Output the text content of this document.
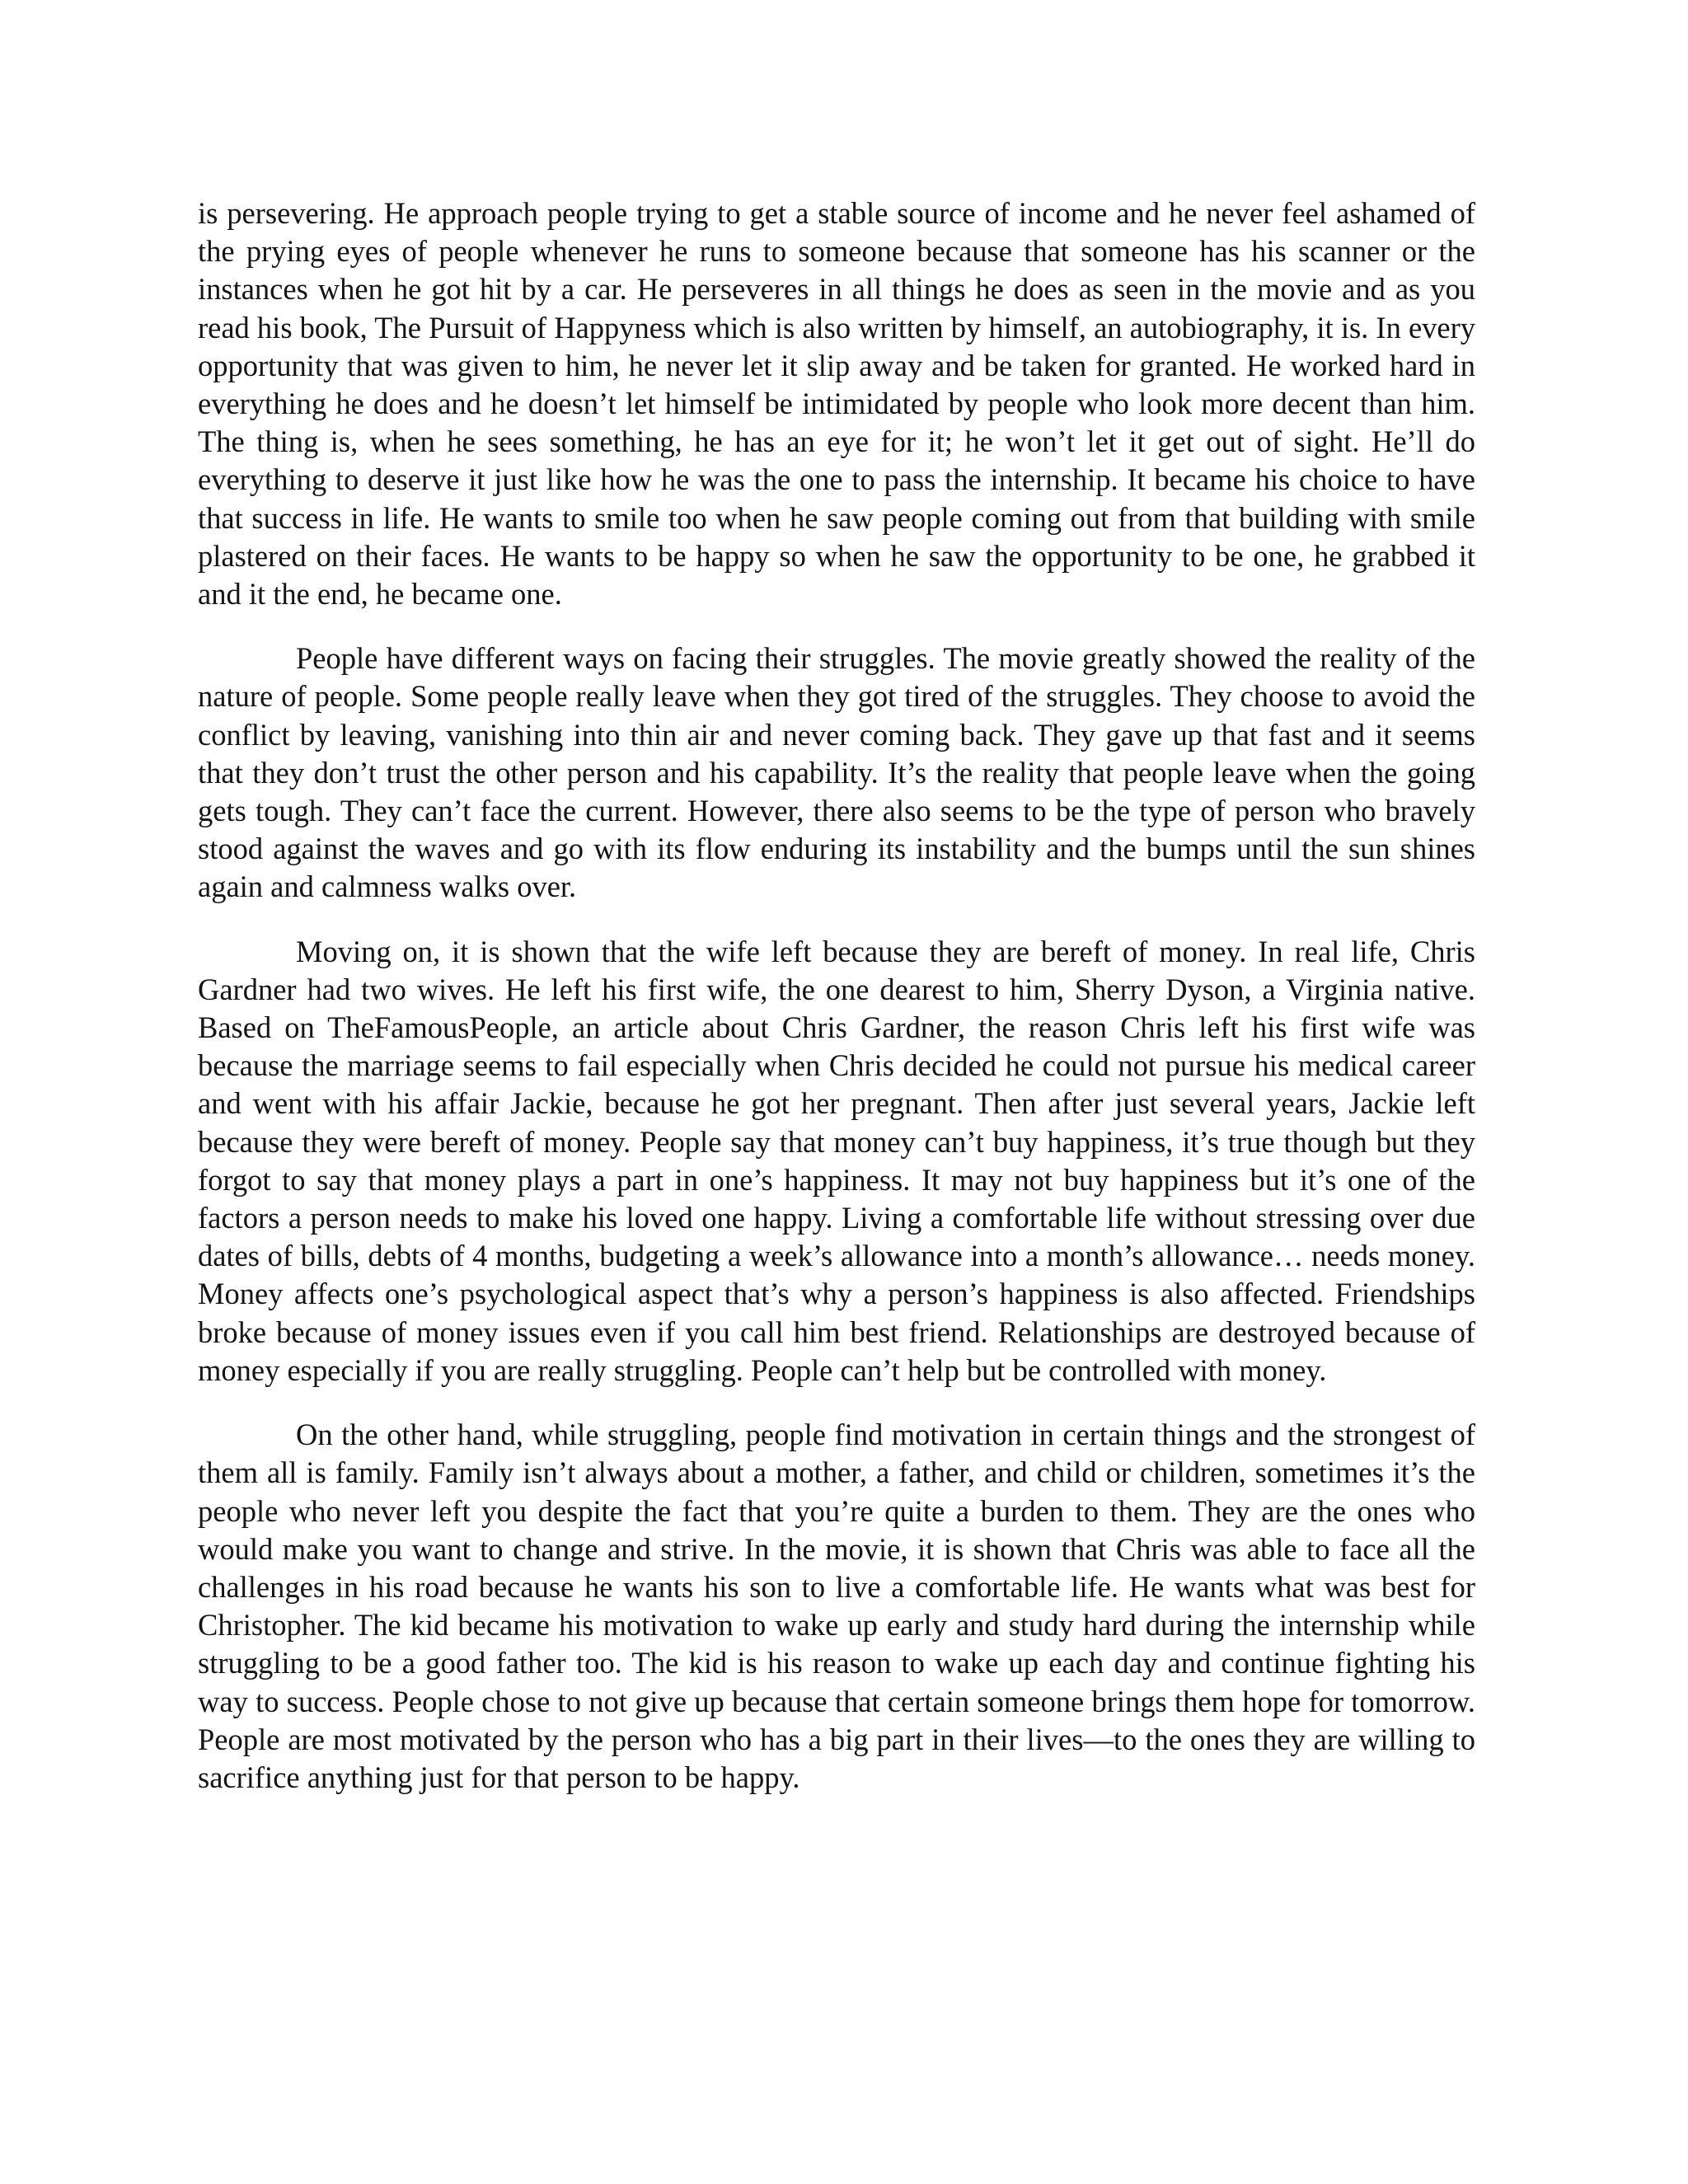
is persevering. He approach people trying to get a stable source of income and he never feel ashamed of the prying eyes of people whenever he runs to someone because that someone has his scanner or the instances when he got hit by a car. He perseveres in all things he does as seen in the movie and as you read his book, The Pursuit of Happyness which is also written by himself, an autobiography, it is. In every opportunity that was given to him, he never let it slip away and be taken for granted. He worked hard in everything he does and he doesn’t let himself be intimidated by people who look more decent than him. The thing is, when he sees something, he has an eye for it; he won’t let it get out of sight. He’ll do everything to deserve it just like how he was the one to pass the internship. It became his choice to have that success in life. He wants to smile too when he saw people coming out from that building with smile plastered on their faces. He wants to be happy so when he saw the opportunity to be one, he grabbed it and it the end, he became one.

People have different ways on facing their struggles. The movie greatly showed the reality of the nature of people. Some people really leave when they got tired of the struggles. They choose to avoid the conflict by leaving, vanishing into thin air and never coming back. They gave up that fast and it seems that they don’t trust the other person and his capability. It’s the reality that people leave when the going gets tough. They can’t face the current. However, there also seems to be the type of person who bravely stood against the waves and go with its flow enduring its instability and the bumps until the sun shines again and calmness walks over.

Moving on, it is shown that the wife left because they are bereft of money. In real life, Chris Gardner had two wives. He left his first wife, the one dearest to him, Sherry Dyson, a Virginia native. Based on TheFamousPeople, an article about Chris Gardner, the reason Chris left his first wife was because the marriage seems to fail especially when Chris decided he could not pursue his medical career and went with his affair Jackie, because he got her pregnant. Then after just several years, Jackie left because they were bereft of money. People say that money can’t buy happiness, it’s true though but they forgot to say that money plays a part in one’s happiness. It may not buy happiness but it’s one of the factors a person needs to make his loved one happy. Living a comfortable life without stressing over due dates of bills, debts of 4 months, budgeting a week’s allowance into a month’s allowance… needs money. Money affects one’s psychological aspect that’s why a person’s happiness is also affected. Friendships broke because of money issues even if you call him best friend. Relationships are destroyed because of money especially if you are really struggling. People can’t help but be controlled with money.

On the other hand, while struggling, people find motivation in certain things and the strongest of them all is family. Family isn’t always about a mother, a father, and child or children, sometimes it’s the people who never left you despite the fact that you’re quite a burden to them. They are the ones who would make you want to change and strive. In the movie, it is shown that Chris was able to face all the challenges in his road because he wants his son to live a comfortable life. He wants what was best for Christopher. The kid became his motivation to wake up early and study hard during the internship while struggling to be a good father too. The kid is his reason to wake up each day and continue fighting his way to success. People chose to not give up because that certain someone brings them hope for tomorrow. People are most motivated by the person who has a big part in their lives—to the ones they are willing to sacrifice anything just for that person to be happy.
